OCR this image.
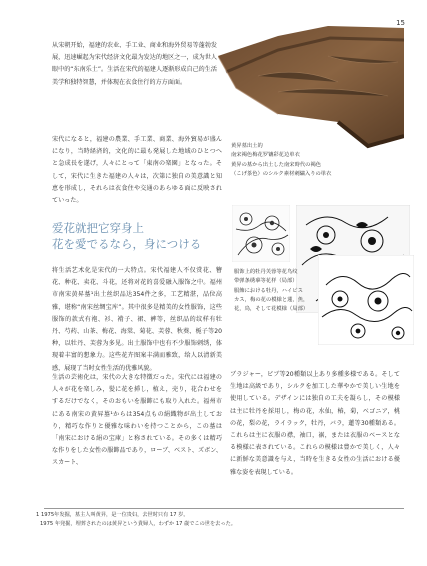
15

从宋朝开始，福建的农业、手工业、商业和海外贸易等蓬勃发展，迅速崛起为宋代经济文化最为发达的地区之一，成为世人眼中的“东南乐土”。生活在宋代的福建人逐渐形成自己的生活美学和独特智慧，并体现在衣食住行的方方面面。

宋代になると，福建の農業、手工業、商業、海外貿易が盛んになり，当時経済的，文化的に最も発展した地域のひとつへと急成長を遂げ，人々にとって「東南の楽園」となった。そして，宋代に生きた福建の人々は，次第に独自の美意識と知恵を形成し，それらは衣食住や交通のあらゆる面に反映されていった。

黄昇墓出土的
南宋褐色梅花罗镶彩花边单衣
黄昇の墓から出土した南宋時代の褐色
（こげ茶色）のシルク素材刺繍入りの単衣
爱花就把它穿身上
花を愛でるなら，身につける

将生活艺术化是宋代的一大特点。宋代福建人不仅赏花、簪花、种花、卖花、斗花，还将对花的喜爱融入服饰之中。福州市南宋黄昇墓¹出土丝织品达354件之多，工艺精湛，品位高雅，堪称“南宋丝绸宝库”。其中很多是精美的女性服饰，这些服饰的款式有袍、衫、褙子、裙、裤等，丝织品的纹样有牡丹、芍药、山茶、梅花、海棠、菊花、芙蓉、秋葵、栀子等20种，以牡丹、芙蓉为多见。出土服饰中也有不少服饰刺绣，体现着丰富的想象力。这些花卉图案丰满而雅致，给人以清新美感，展现了当时女性生活的优雅风貌。

生活の芸術化は，宋代の大きな特徴だった。宋代には福建の人々が花を楽しみ，髪に花を挿し，植え，売り，花合わせをするだけでなく，そのおもいを服飾にも取り入れた。福州市にある南宋の黄昇墓¹からは354点もの絹織物が出土しており，精巧な作りと優雅な味わいを持つことから，この墓は「南宋における絹の宝庫」と称されている。その多くは精巧な作りをした女性の服飾品であり，ローブ、ベスト、ズボン、スカート、

服饰上的牡丹芙蓉等花鸟纹
带弹条绣摹等花样（局部）
服飾における牡丹，ハイビス
カス，梅の花の模様と蓮，魚，
花，鳥，そして花模様（局部）

ブラジャー，ビブ等20種類以上あり多種多様である。そして生地は高級であり，シルクを加工した華やかで美しい生地を使用している。デザインには独自の工夫を凝らし，その模様は主に牡丹を採用し，梅の花，水仙，椿，菊，ベゴニア，桃の花，梨の花，ライラック，牡丹，バラ，蓮等30種類ある。これらは主に衣服の襟，袖口，裾，または衣服のベースとなる模様に表されている。これらの模様は豊かで美しく，人々に新鮮な美意識を与え，当時を生きる女性の生活における優雅な姿を表現している。

1 1975年发掘，墓主人叫黄昇，是一位贵妇，去世时只有 17 岁。
1975 年発掘，埋葬されたのは黄昇という貴婦人，わずか 17 歳でこの世を去った。
